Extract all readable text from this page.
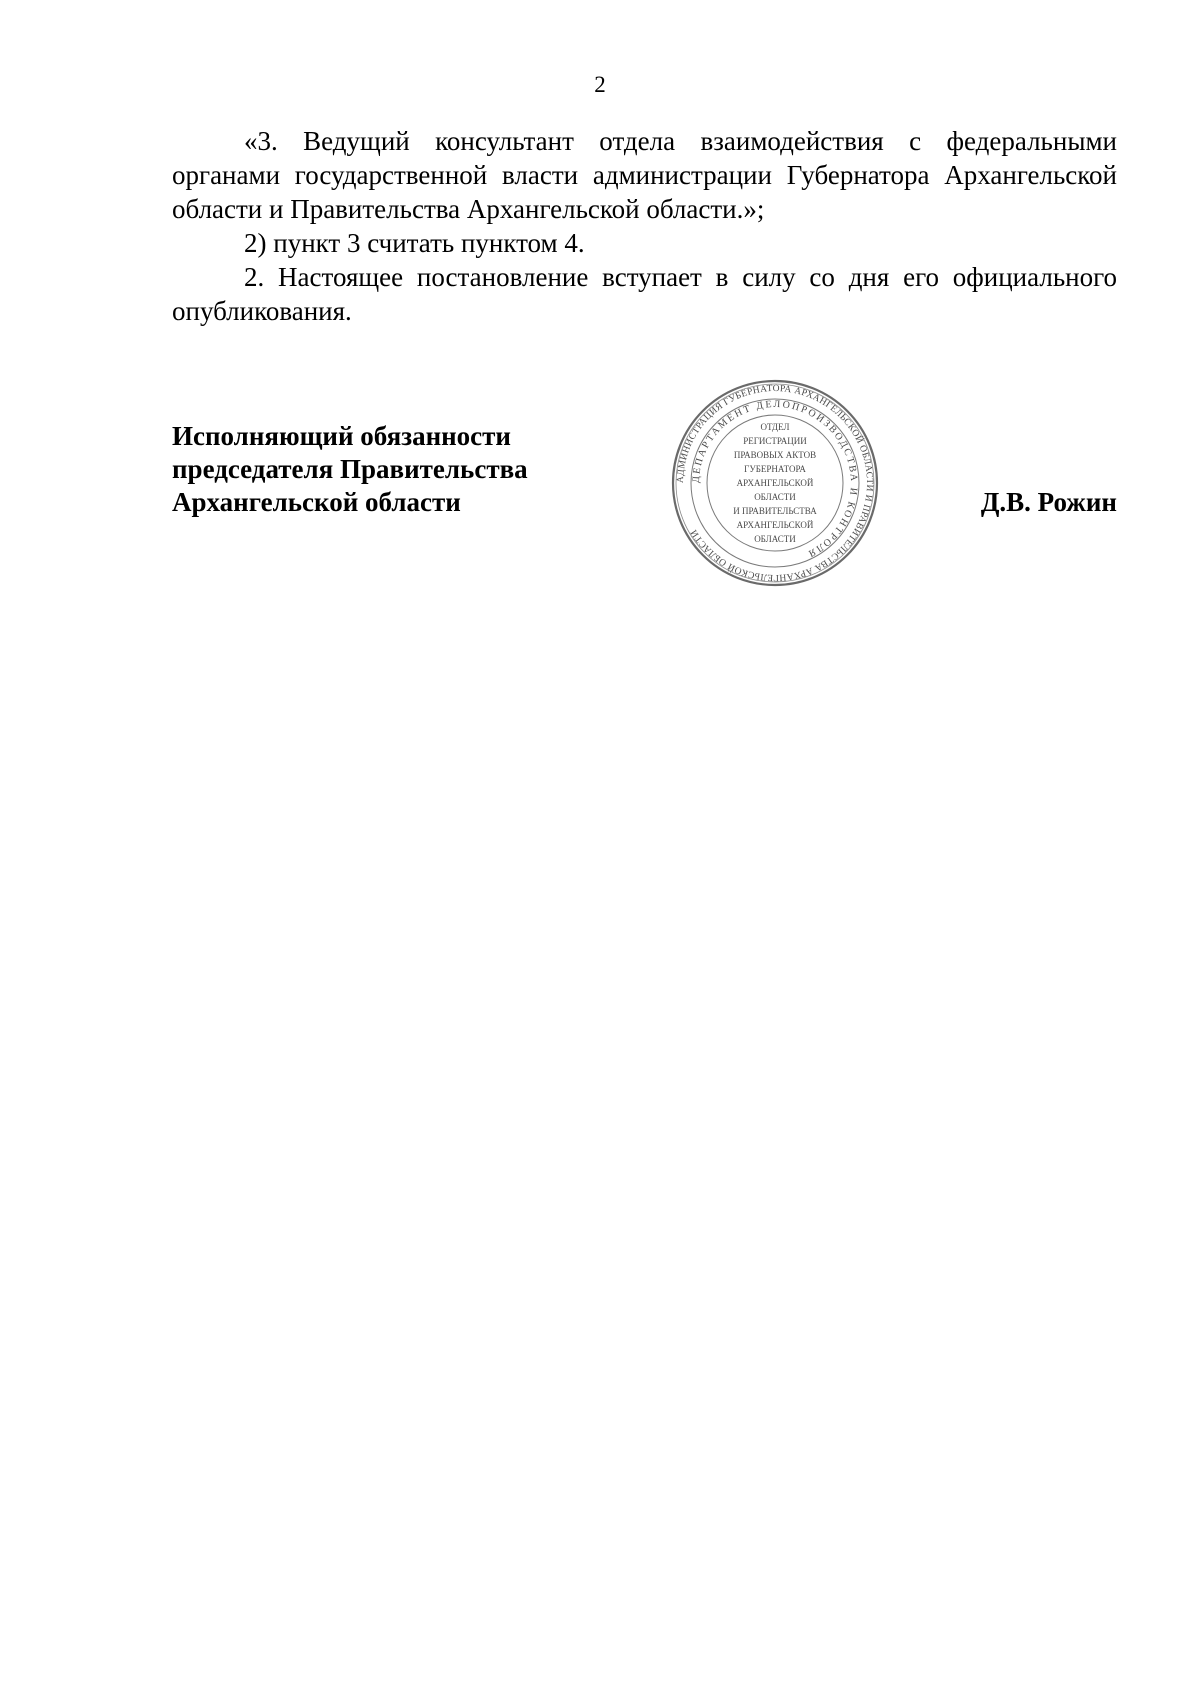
2

«3. Ведущий консультант отдела взаимодействия с федеральными органами государственной власти администрации Губернатора Архангельской области и Правительства Архангельской области.»;

2) пункт 3 считать пунктом 4.

2. Настоящее постановление вступает в силу со дня его официального опубликования.

Исполняющий обязанности
председателя Правительства
Архангельской области
АДМИНИСТРАЦИЯ ГУБЕРНАТОРА АРХАНГЕЛЬСКОЙ ОБЛАСТИ И ПРАВИТЕЛЬСТВА АРХАНГЕЛЬСКОЙ ОБЛАСТИ
ДЕПАРТАМЕНТ ДЕЛОПРОИЗВОДСТВА И КОНТРОЛЯ
ОТДЕЛ
РЕГИСТРАЦИИ
ПРАВОВЫХ АКТОВ
ГУБЕРНАТОРА
АРХАНГЕЛЬСКОЙ
ОБЛАСТИ
И ПРАВИТЕЛЬСТВА
АРХАНГЕЛЬСКОЙ
ОБЛАСТИ
Д.В. Рожин
